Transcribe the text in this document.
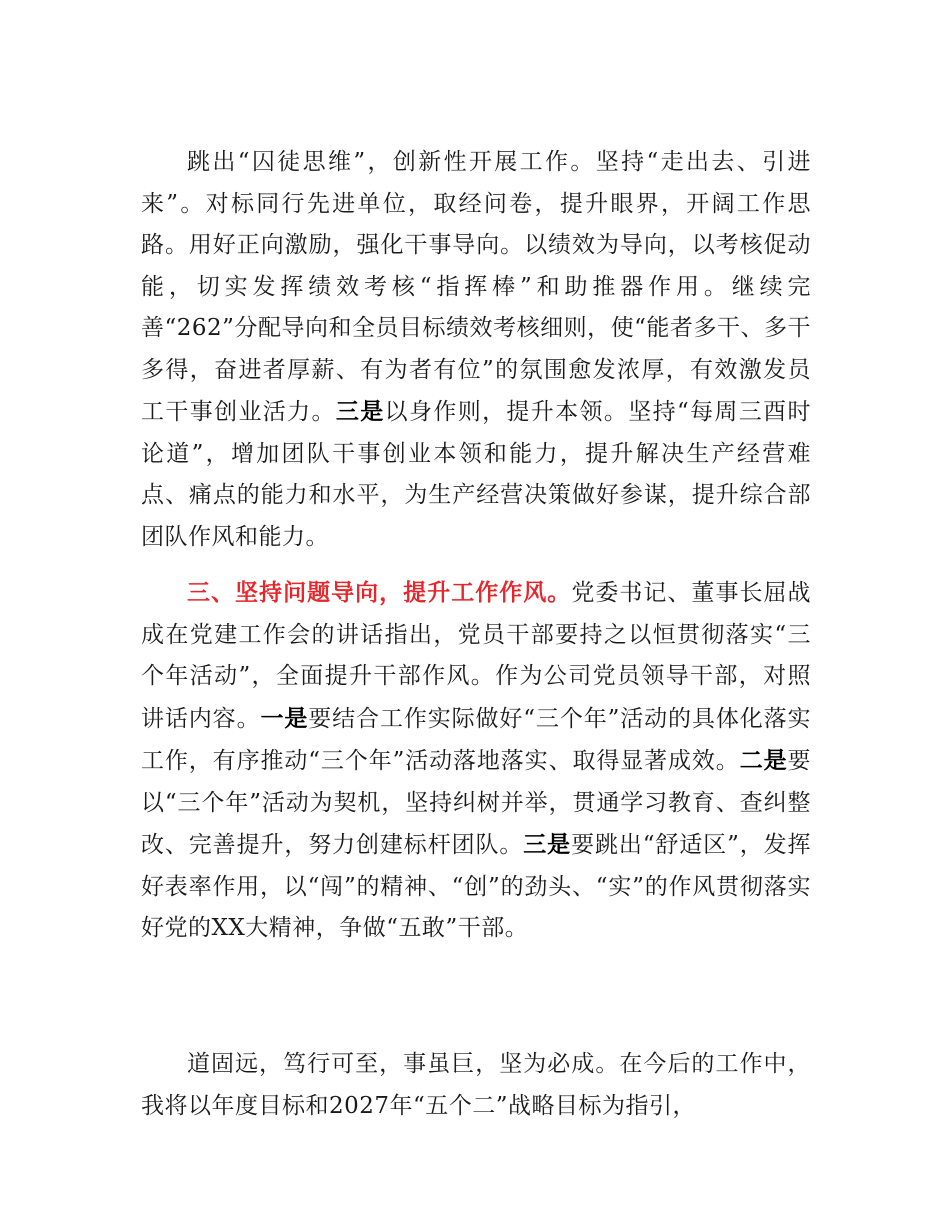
跳出“囚徒思维”，创新性开展工作。坚持“走出去、引进来”。对标同行先进单位，取经问卷，提升眼界，开阔工作思路。用好正向激励，强化干事导向。以绩效为导向，以考核促动能，切实发挥绩效考核“指挥棒”和助推器作用。继续完善“262”分配导向和全员目标绩效考核细则，使“能者多干、多干多得，奋进者厚薪、有为者有位”的氛围愈发浓厚，有效激发员工干事创业活力。三是以身作则，提升本领。坚持“每周三酉时论道”，增加团队干事创业本领和能力，提升解决生产经营难点、痛点的能力和水平，为生产经营决策做好参谋，提升综合部团队作风和能力。

三、坚持问题导向，提升工作作风。党委书记、董事长屈战成在党建工作会的讲话指出，党员干部要持之以恒贯彻落实“三个年活动”，全面提升干部作风。作为公司党员领导干部，对照讲话内容。一是要结合工作实际做好“三个年”活动的具体化落实工作，有序推动“三个年”活动落地落实、取得显著成效。二是要以“三个年”活动为契机，坚持纠树并举，贯通学习教育、查纠整改、完善提升，努力创建标杆团队。三是要跳出“舒适区”，发挥好表率作用，以“闯”的精神、“创”的劲头、“实”的作风贯彻落实好党的XX大精神，争做“五敢”干部。

道固远，笃行可至，事虽巨，坚为必成。在今后的工作中，我将以年度目标和2027年“五个二”战略目标为指引，
